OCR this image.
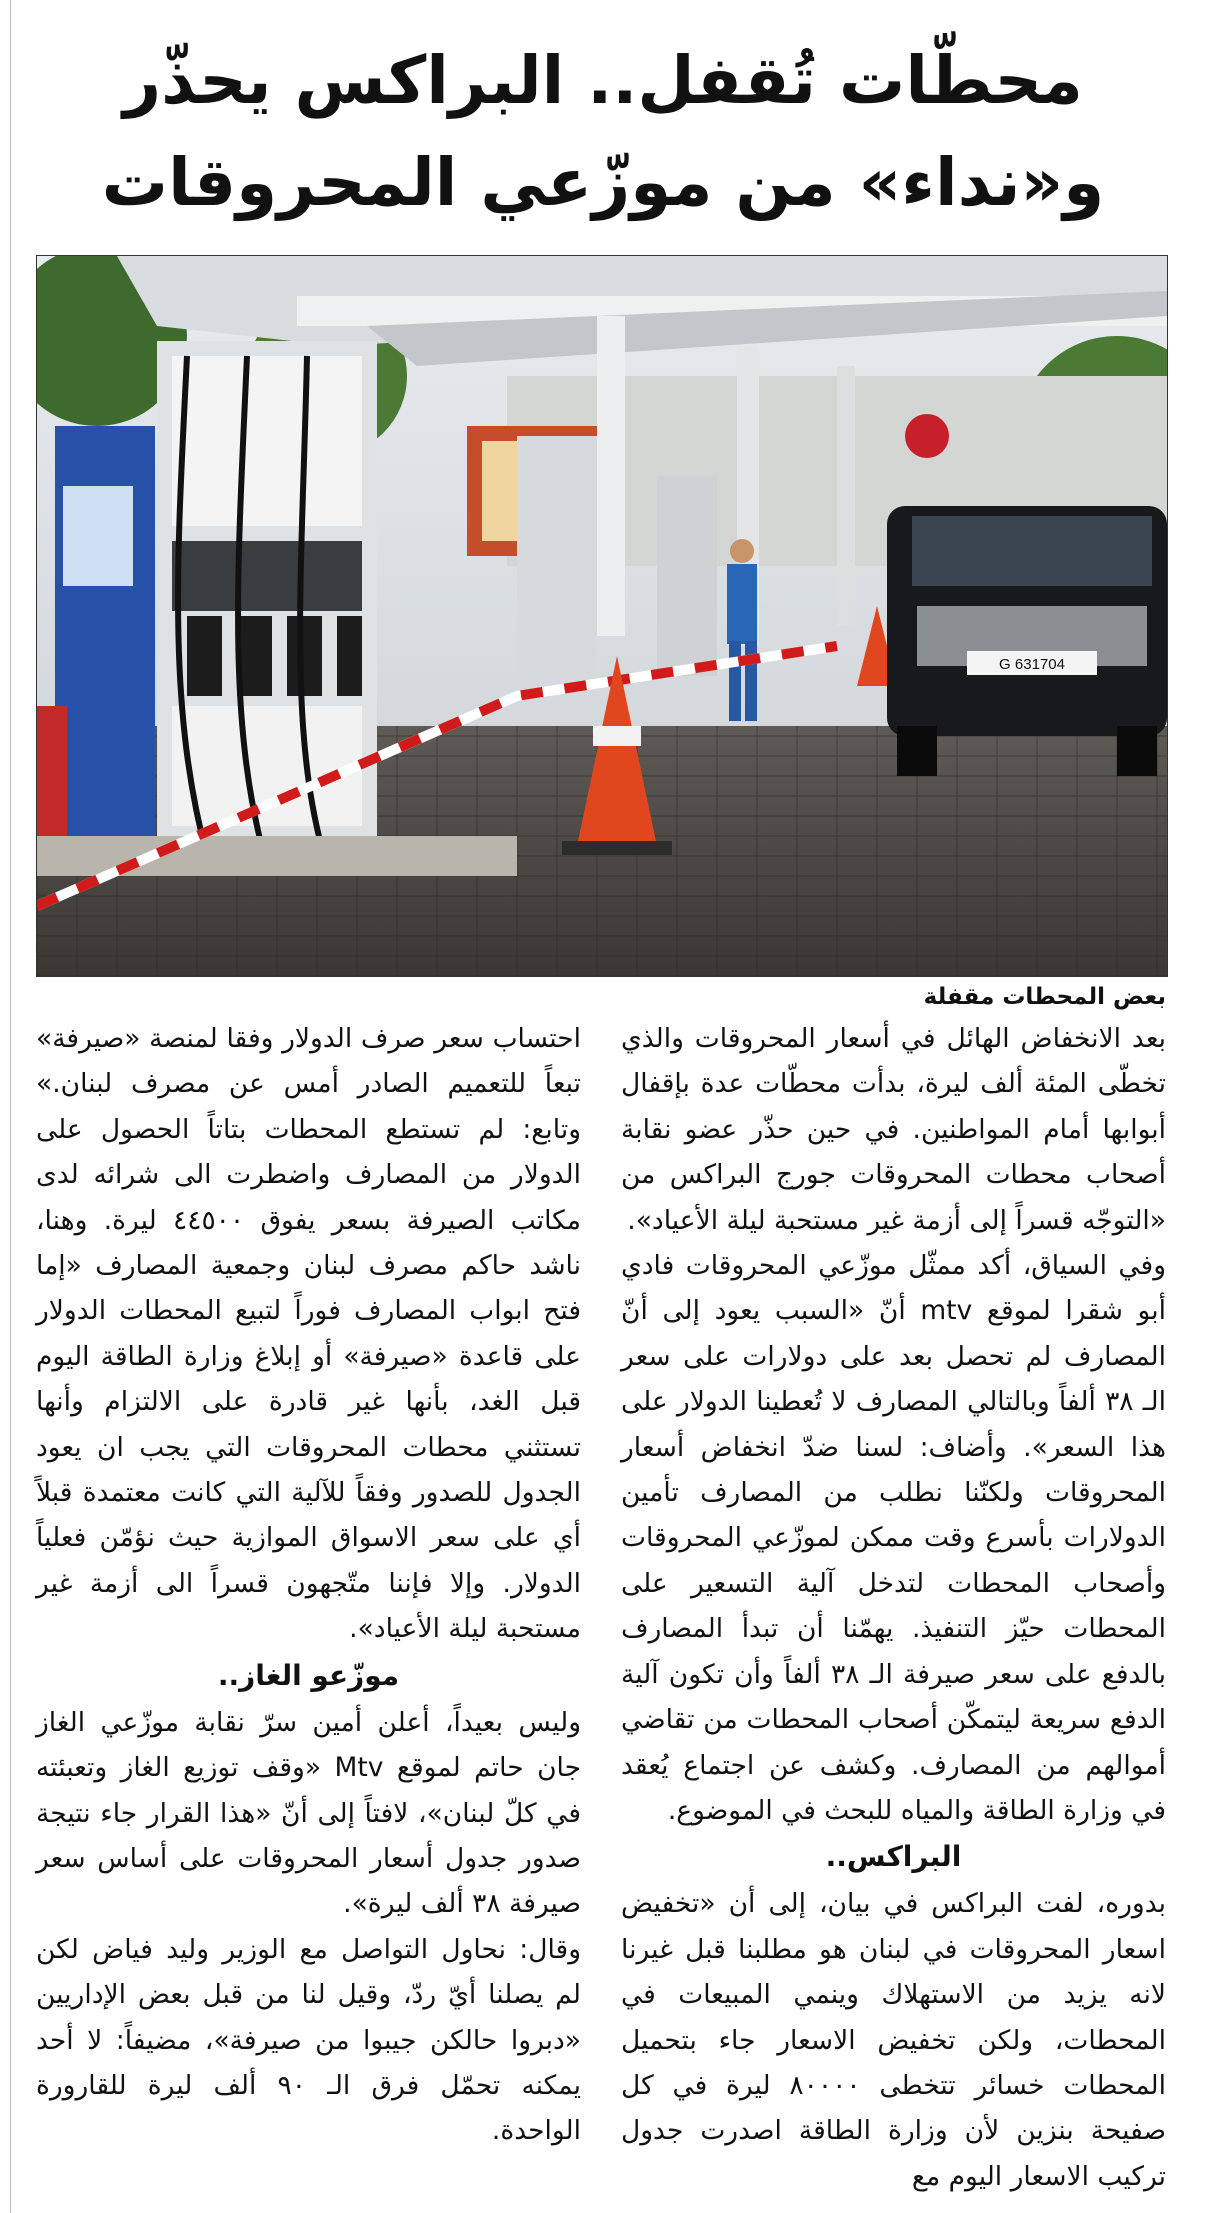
محطّات تُقفل.. البراكس يحذّر
و«نداء» من موزّعي المحروقات
G 631704

بعض المحطات مقفلة

بعد الانخفاض الهائل في أسعار المحروقات والذي تخطّى المئة ألف ليرة، بدأت محطّات عدة بإقفال أبوابها أمام المواطنين. في حين حذّر عضو نقابة أصحاب محطات المحروقات جورج البراكس من «التوجّه قسراً إلى أزمة غير مستحبة ليلة الأعياد».

وفي السياق، أكد ممثّل موزّعي المحروقات فادي أبو شقرا لموقع mtv أنّ «السبب يعود إلى أنّ المصارف لم تحصل بعد على دولارات على سعر الـ ٣٨ ألفاً وبالتالي المصارف لا تُعطينا الدولار على هذا السعر». وأضاف: لسنا ضدّ انخفاض أسعار المحروقات ولكنّنا نطلب من المصارف تأمين الدولارات بأسرع وقت ممكن لموزّعي المحروقات وأصحاب المحطات لتدخل آلية التسعير على المحطات حيّز التنفيذ. يهمّنا أن تبدأ المصارف بالدفع على سعر صيرفة الـ ٣٨ ألفاً وأن تكون آلية الدفع سريعة ليتمكّن أصحاب المحطات من تقاضي أموالهم من المصارف. وكشف عن اجتماع يُعقد في وزارة الطاقة والمياه للبحث في الموضوع.

البراكس..

بدوره، لفت البراكس في بيان، إلى أن «تخفيض اسعار المحروقات في لبنان هو مطلبنا قبل غيرنا لانه يزيد من الاستهلاك وينمي المبيعات في المحطات، ولكن تخفيض الاسعار جاء بتحميل المحطات خسائر تتخطى ٨٠٠٠٠ ليرة في كل صفيحة بنزين لأن وزارة الطاقة اصدرت جدول تركيب الاسعار اليوم مع

احتساب سعر صرف الدولار وفقا لمنصة «صيرفة» تبعاً للتعميم الصادر أمس عن مصرف لبنان.» وتابع: لم تستطع المحطات بتاتاً الحصول على الدولار من المصارف واضطرت الى شرائه لدى مكاتب الصيرفة بسعر يفوق ٤٤٥٠٠ ليرة. وهنا، ناشد حاكم مصرف لبنان وجمعية المصارف «إما فتح ابواب المصارف فوراً لتبيع المحطات الدولار على قاعدة «صيرفة» أو إبلاغ وزارة الطاقة اليوم قبل الغد، بأنها غير قادرة على الالتزام وأنها تستثني محطات المحروقات التي يجب ان يعود الجدول للصدور وفقاً للآلية التي كانت معتمدة قبلاً أي على سعر الاسواق الموازية حيث نؤمّن فعلياً الدولار. وإلا فإننا متّجهون قسراً الى أزمة غير مستحبة ليلة الأعياد».

موزّعو الغاز..

وليس بعيداً، أعلن أمين سرّ نقابة موزّعي الغاز جان حاتم لموقع Mtv «وقف توزيع الغاز وتعبئته في كلّ لبنان»، لافتاً إلى أنّ «هذا القرار جاء نتيجة صدور جدول أسعار المحروقات على أساس سعر صيرفة ٣٨ ألف ليرة».

وقال: نحاول التواصل مع الوزير وليد فياض لكن لم يصلنا أيّ ردّ، وقيل لنا من قبل بعض الإداريين «دبروا حالكن جيبوا من صيرفة»، مضيفاً: لا أحد يمكنه تحمّل فرق الـ ٩٠ ألف ليرة للقارورة الواحدة.
